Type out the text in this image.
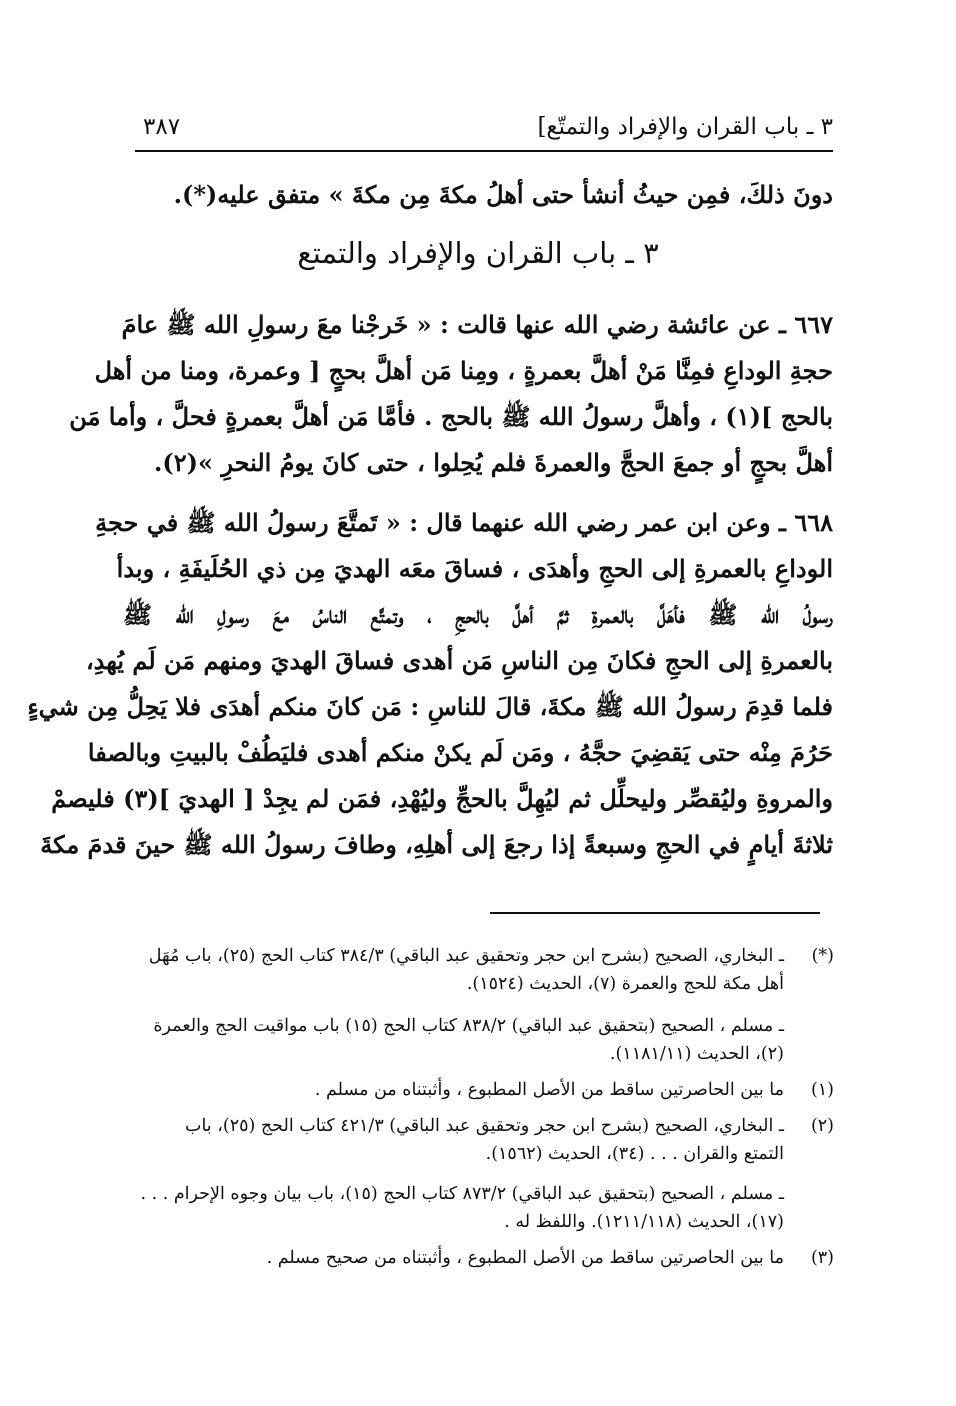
٣ ـ باب القران والإفراد والتمتّع]
٣٨٧
دونَ ذلكَ، فمِن حيثُ أنشأ حتى أهلُ مكةَ مِن مكةَ » متفق عليه(*).
٣ ـ باب القران والإفراد والتمتع
٦٦٧ ـ عن عائشة رضي الله عنها قالت : « خَرجْنا معَ رسولِ الله ﷺ عامَ
حجةِ الوداعِ فمِنَّا مَنْ أهلَّ بعمرةٍ ، ومِنا مَن أهلَّ بحجٍ [ وعمرة، ومنا من أهل
بالحج ](١) ، وأهلَّ رسولُ الله ﷺ بالحج . فأمَّا مَن أهلَّ بعمرةٍ فحلَّ ، وأما مَن
أهلَّ بحجٍ أو جمعَ الحجَّ والعمرةَ فلم يُحِلوا ، حتى كانَ يومُ النحرِ »(٢).
٦٦٨ ـ وعن ابن عمر رضي الله عنهما قال : « تَمتَّعَ رسولُ الله ﷺ في حجةِ
الوداعِ بالعمرةِ إلى الحجِ وأهدَى ، فساقَ معَه الهديَ مِن ذي الحُلَيفَةِ ، وبدأ
رسولُ الله ﷺ فأهَلَّ بالعمرةِ ثمَّ أهلَّ بالحجِ ، وتمتَّع الناسُ معَ رسولِ الله ﷺ
بالعمرةِ إلى الحجِ فكانَ مِن الناسِ مَن أهدى فساقَ الهديَ ومنهم مَن لَم يُهدِ،
فلما قدِمَ رسولُ الله ﷺ مكةَ، قالَ للناسِ : مَن كانَ منكم أهدَى فلا يَحِلُّ مِن شيءٍ
حَرُمَ مِنْه حتى يَقضِيَ حجَّهُ ، ومَن لَم يكنْ منكم أهدى فليَطُفْ بالبيتِ وبالصفا
والمروةِ وليُقصِّر وليحلِّل ثم ليُهِلَّ بالحجِّ وليُهْدِ، فمَن لم يجِدْ [ الهديَ ](٣) فليصمْ
ثلاثةَ أيامٍ في الحجِ وسبعةً إذا رجعَ إلى أهلِهِ، وطافَ رسولُ الله ﷺ حينَ قدمَ مكةَ
(*)
ـ البخاري، الصحيح (بشرح ابن حجر وتحقيق عبد الباقي) ٣٨٤/٣ كتاب الحج (٢٥)، باب مُهَل
أهل مكة للحج والعمرة (٧)، الحديث (١٥٢٤).
ـ مسلم ، الصحيح (بتحقيق عبد الباقي) ٨٣٨/٢ كتاب الحج (١٥) باب مواقيت الحج والعمرة
(٢)، الحديث (١١٨١/١١).
(١)
ما بين الحاصرتين ساقط من الأصل المطبوع ، وأثبتناه من مسلم .
(٢)
ـ البخاري، الصحيح (بشرح ابن حجر وتحقيق عبد الباقي) ٤٢١/٣ كتاب الحج (٢٥)، باب
التمتع والقران . . . (٣٤)، الحديث (١٥٦٢).
ـ مسلم ، الصحيح (بتحقيق عبد الباقي) ٨٧٣/٢ كتاب الحج (١٥)، باب بيان وجوه الإحرام . . .
(١٧)، الحديث (١٢١١/١١٨). واللفظ له .
(٣)
ما بين الحاصرتين ساقط من الأصل المطبوع ، وأثبتناه من صحيح مسلم .
